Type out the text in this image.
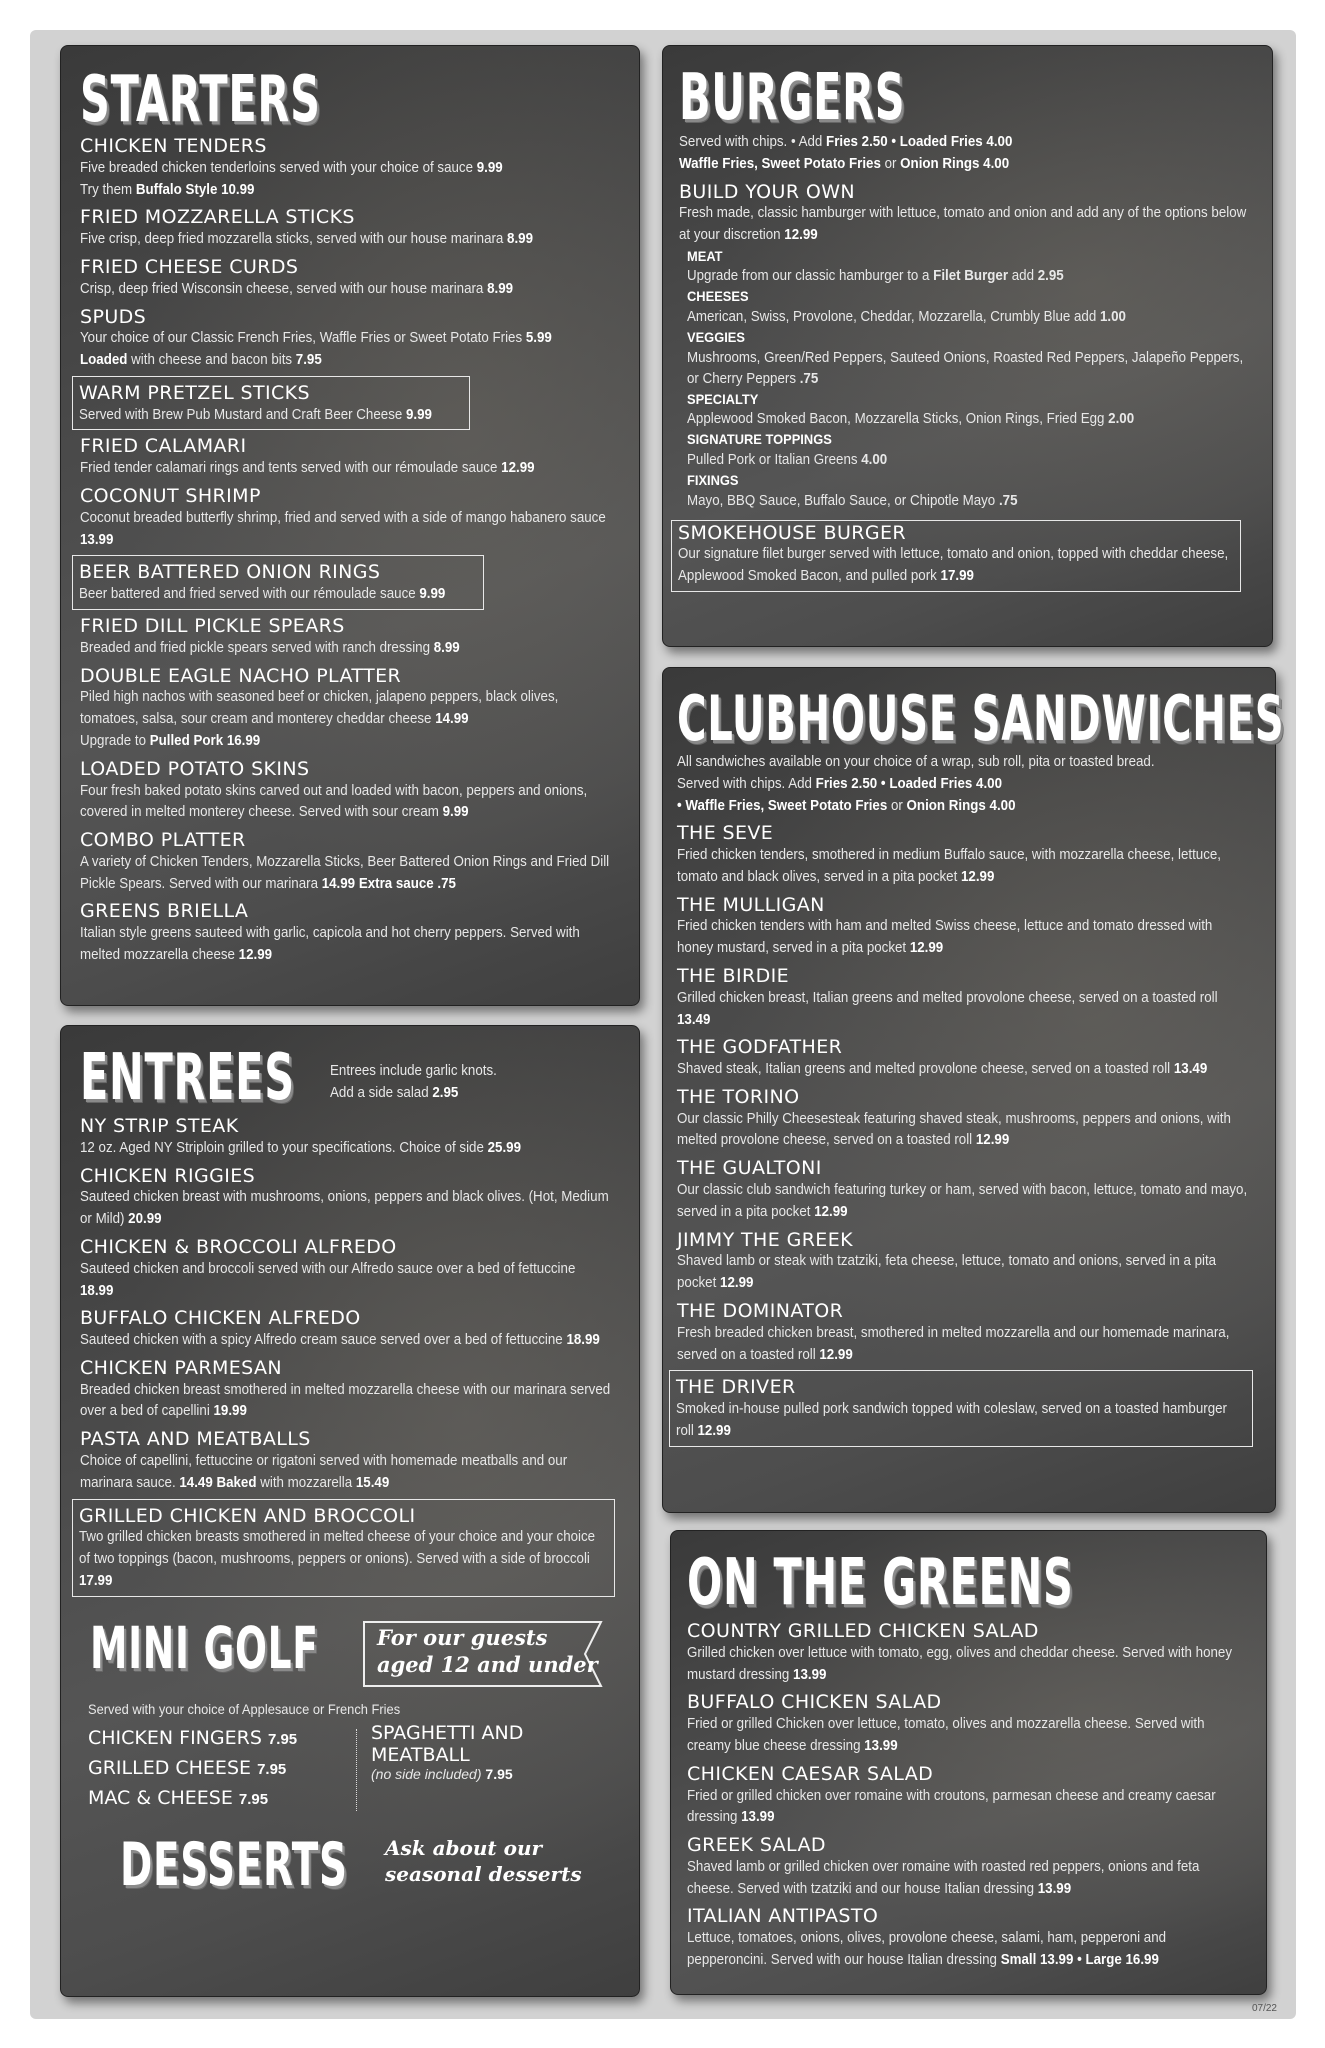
STARTERS
CHICKEN TENDERS
Five breaded chicken tenderloins served with your choice of sauce 9.99
Try them Buffalo Style 10.99
FRIED MOZZARELLA STICKS
Five crisp, deep fried mozzarella sticks, served with our house marinara 8.99
FRIED CHEESE CURDS
Crisp, deep fried Wisconsin cheese, served with our house marinara 8.99
SPUDS
Your choice of our Classic French Fries, Waffle Fries or Sweet Potato Fries 5.99
Loaded with cheese and bacon bits 7.95
WARM PRETZEL STICKS
Served with Brew Pub Mustard and Craft Beer Cheese 9.99
FRIED CALAMARI
Fried tender calamari rings and tents served with our rémoulade sauce 12.99
COCONUT SHRIMP
Coconut breaded butterfly shrimp, fried and served with a side of mango habanero sauce 13.99
BEER BATTERED ONION RINGS
Beer battered and fried served with our rémoulade sauce 9.99
FRIED DILL PICKLE SPEARS
Breaded and fried pickle spears served with ranch dressing 8.99
DOUBLE EAGLE NACHO PLATTER
Piled high nachos with seasoned beef or chicken, jalapeno peppers, black olives, tomatoes, salsa, sour cream and monterey cheddar cheese 14.99
Upgrade to Pulled Pork 16.99
LOADED POTATO SKINS
Four fresh baked potato skins carved out and loaded with bacon, peppers and onions, covered in melted monterey cheese. Served with sour cream 9.99
COMBO PLATTER
A variety of Chicken Tenders, Mozzarella Sticks, Beer Battered Onion Rings and Fried Dill Pickle Spears. Served with our marinara 14.99 Extra sauce .75
GREENS BRIELLA
Italian style greens sauteed with garlic, capicola and hot cherry peppers. Served with melted mozzarella cheese 12.99
ENTREES	Entrees include garlic knots.
Add a side salad 2.95
NY STRIP STEAK
12 oz. Aged NY Striploin grilled to your specifications. Choice of side 25.99
CHICKEN RIGGIES
Sauteed chicken breast with mushrooms, onions, peppers and black olives. (Hot, Medium or Mild) 20.99
CHICKEN & BROCCOLI ALFREDO
Sauteed chicken and broccoli served with our Alfredo sauce over a bed of fettuccine 18.99
BUFFALO CHICKEN ALFREDO
Sauteed chicken with a spicy Alfredo cream sauce served over a bed of fettuccine 18.99
CHICKEN PARMESAN
Breaded chicken breast smothered in melted mozzarella cheese with our marinara served over a bed of capellini 19.99
PASTA AND MEATBALLS
Choice of capellini, fettuccine or rigatoni served with homemade meatballs and our marinara sauce. 14.49 Baked with mozzarella 15.49
GRILLED CHICKEN AND BROCCOLI
Two grilled chicken breasts smothered in melted cheese of your choice and your choice of two toppings (bacon, mushrooms, peppers or onions). Served with a side of broccoli 17.99
MINI GOLF	For our guests
aged 12 and under
Served with your choice of Applesauce or French Fries
CHICKEN FINGERS 7.95
GRILLED CHEESE 7.95
MAC & CHEESE 7.95
SPAGHETTI AND
MEATBALL
(no side included) 7.95
DESSERTS Ask about our
seasonal desserts
BURGERS
Served with chips. • Add Fries 2.50 • Loaded Fries 4.00
Waffle Fries, Sweet Potato Fries or Onion Rings 4.00
BUILD YOUR OWN
Fresh made, classic hamburger with lettuce, tomato and onion and add any of the options below at your discretion 12.99
MEAT
Upgrade from our classic hamburger to a Filet Burger add 2.95
CHEESES
American, Swiss, Provolone, Cheddar, Mozzarella, Crumbly Blue add 1.00
VEGGIES
Mushrooms, Green/Red Peppers, Sauteed Onions, Roasted Red Peppers, Jalapeño Peppers, or Cherry Peppers .75
SPECIALTY
Applewood Smoked Bacon, Mozzarella Sticks, Onion Rings, Fried Egg 2.00
SIGNATURE TOPPINGS
Pulled Pork or Italian Greens 4.00
FIXINGS
Mayo, BBQ Sauce, Buffalo Sauce, or Chipotle Mayo .75
SMOKEHOUSE BURGER
Our signature filet burger served with lettuce, tomato and onion, topped with cheddar cheese, Applewood Smoked Bacon, and pulled pork 17.99
CLUBHOUSE SANDWICHES
All sandwiches available on your choice of a wrap, sub roll, pita or toasted bread.
Served with chips. Add Fries 2.50 • Loaded Fries 4.00
• Waffle Fries, Sweet Potato Fries or Onion Rings 4.00
THE SEVE
Fried chicken tenders, smothered in medium Buffalo sauce, with mozzarella cheese, lettuce, tomato and black olives, served in a pita pocket 12.99
THE MULLIGAN
Fried chicken tenders with ham and melted Swiss cheese, lettuce and tomato dressed with honey mustard, served in a pita pocket 12.99
THE BIRDIE
Grilled chicken breast, Italian greens and melted provolone cheese, served on a toasted roll 13.49
THE GODFATHER
Shaved steak, Italian greens and melted provolone cheese, served on a toasted roll 13.49
THE TORINO
Our classic Philly Cheesesteak featuring shaved steak, mushrooms, peppers and onions, with melted provolone cheese, served on a toasted roll 12.99
THE GUALTONI
Our classic club sandwich featuring turkey or ham, served with bacon, lettuce, tomato and mayo, served in a pita pocket 12.99
JIMMY THE GREEK
Shaved lamb or steak with tzatziki, feta cheese, lettuce, tomato and onions, served in a pita pocket 12.99
THE DOMINATOR
Fresh breaded chicken breast, smothered in melted mozzarella and our homemade marinara, served on a toasted roll 12.99
THE DRIVER
Smoked in-house pulled pork sandwich topped with coleslaw, served on a toasted hamburger roll 12.99
ON THE GREENS
COUNTRY GRILLED CHICKEN SALAD
Grilled chicken over lettuce with tomato, egg, olives and cheddar cheese. Served with honey mustard dressing 13.99
BUFFALO CHICKEN SALAD
Fried or grilled Chicken over lettuce, tomato, olives and mozzarella cheese. Served with creamy blue cheese dressing 13.99
CHICKEN CAESAR SALAD
Fried or grilled chicken over romaine with croutons, parmesan cheese and creamy caesar dressing 13.99
GREEK SALAD
Shaved lamb or grilled chicken over romaine with roasted red peppers, onions and feta cheese. Served with tzatziki and our house Italian dressing 13.99
ITALIAN ANTIPASTO
Lettuce, tomatoes, onions, olives, provolone cheese, salami, ham, pepperoni and pepperoncini. Served with our house Italian dressing Small 13.99 • Large 16.99
07/22
